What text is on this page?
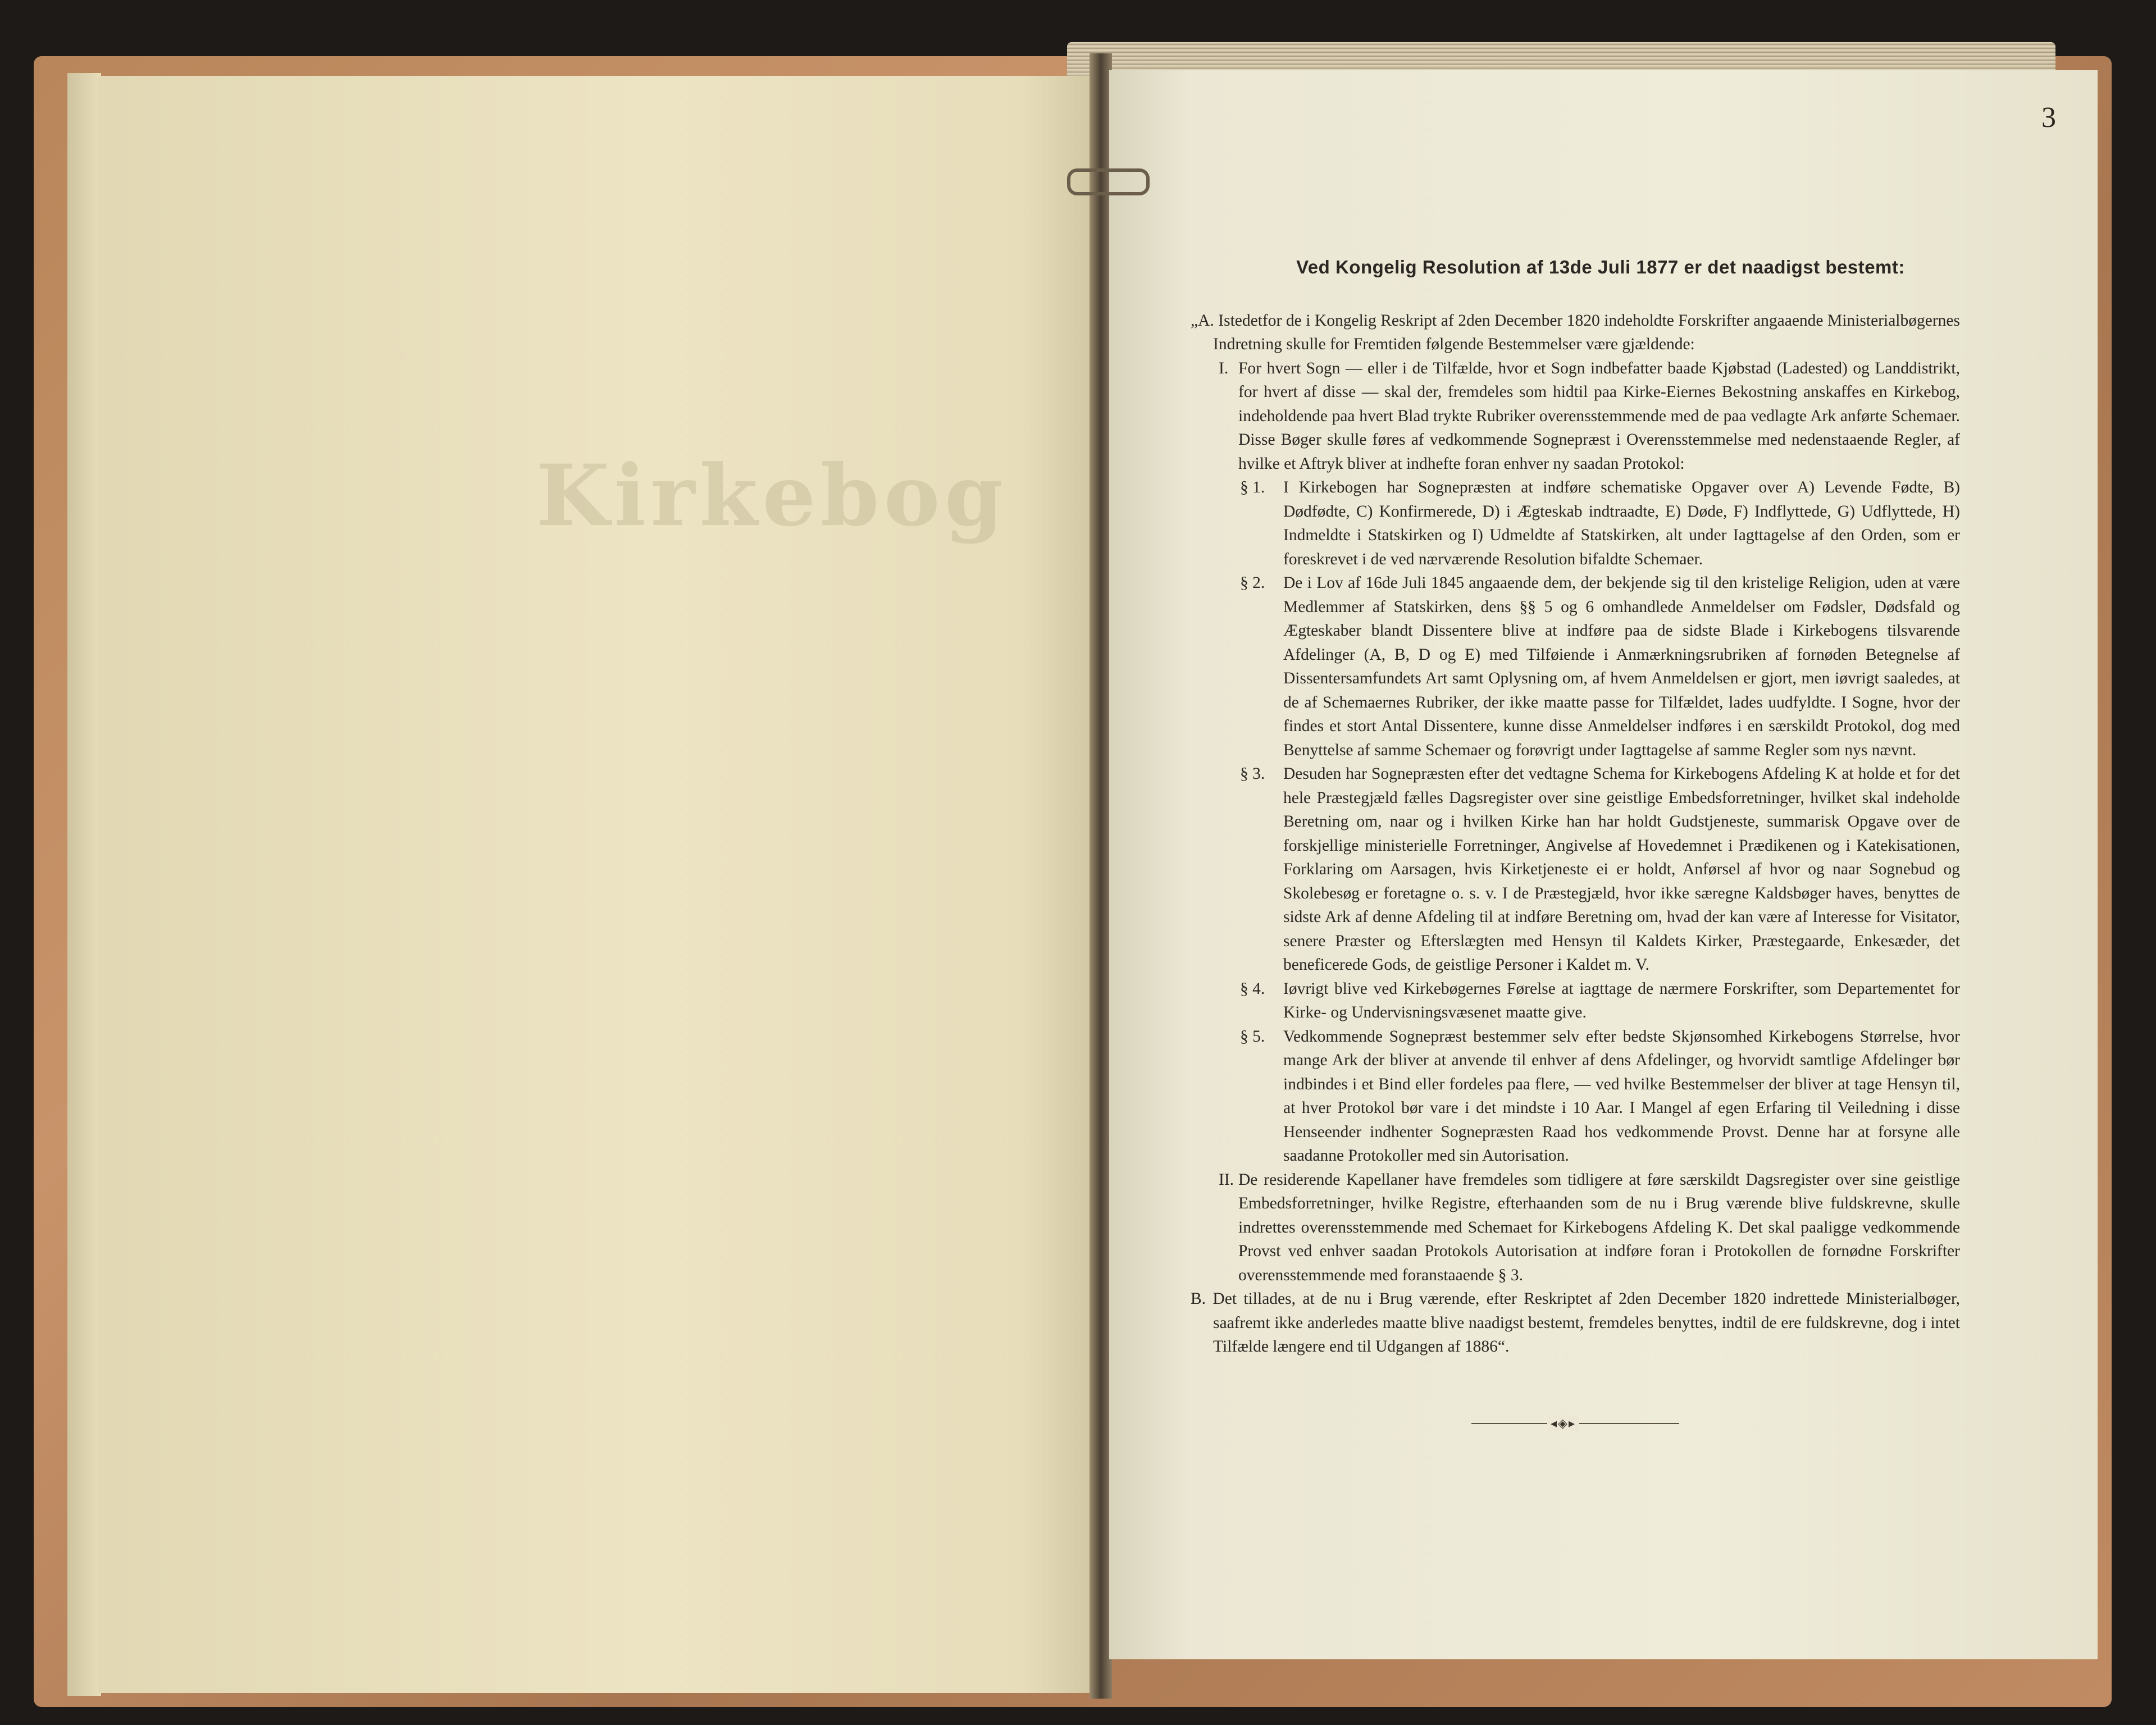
Kirkebog
3

Ved Kongelig Resolution af 13de Juli 1877 er det naadigst bestemt:

„A. Istedetfor de i Kongelig Reskript af 2den December 1820 indeholdte Forskrifter angaaende Ministerialbøgernes Indretning skulle for Fremtiden følgende Bestemmelser være gjældende:

I. For hvert Sogn — eller i de Tilfælde, hvor et Sogn indbefatter baade Kjøbstad (Ladested) og Landdistrikt, for hvert af disse — skal der, fremdeles som hidtil paa Kirke-Eiernes Bekostning anskaffes en Kirkebog, indeholdende paa hvert Blad trykte Rubriker overensstemmende med de paa vedlagte Ark anførte Schemaer. Disse Bøger skulle føres af vedkommende Sognepræst i Overensstemmelse med nedenstaaende Regler, af hvilke et Aftryk bliver at indhefte foran enhver ny saadan Protokol:
§ 1. I Kirkebogen har Sognepræsten at indføre schematiske Opgaver over A) Levende Fødte, B) Dødfødte, C) Konfirmerede, D) i Ægteskab indtraadte, E) Døde, F) Indflyttede, G) Udflyttede, H) Indmeldte i Statskirken og I) Udmeldte af Statskirken, alt under Iagttagelse af den Orden, som er foreskrevet i de ved nærværende Resolution bifaldte Schemaer.
§ 2. De i Lov af 16de Juli 1845 angaaende dem, der bekjende sig til den kristelige Religion, uden at være Medlemmer af Statskirken, dens §§ 5 og 6 omhandlede Anmeldelser om Fødsler, Dødsfald og Ægteskaber blandt Dissentere blive at indføre paa de sidste Blade i Kirkebogens tilsvarende Afdelinger (A, B, D og E) med Tilføiende i Anmærkningsrubriken af fornøden Betegnelse af Dissentersamfundets Art samt Oplysning om, af hvem Anmeldelsen er gjort, men iøvrigt saaledes, at de af Schemaernes Rubriker, der ikke maatte passe for Tilfældet, lades uudfyldte. I Sogne, hvor der findes et stort Antal Dissentere, kunne disse Anmeldelser indføres i en særskildt Protokol, dog med Benyttelse af samme Schemaer og forøvrigt under Iagttagelse af samme Regler som nys nævnt.
§ 3. Desuden har Sognepræsten efter det vedtagne Schema for Kirkebogens Afdeling K at holde et for det hele Præstegjæld fælles Dagsregister over sine geistlige Embedsforretninger, hvilket skal indeholde Beretning om, naar og i hvilken Kirke han har holdt Gudstjeneste, summarisk Opgave over de forskjellige ministerielle Forretninger, Angivelse af Hovedemnet i Prædikenen og i Katekisationen, Forklaring om Aarsagen, hvis Kirketjeneste ei er holdt, Anførsel af hvor og naar Sognebud og Skolebesøg er foretagne o. s. v. I de Præstegjæld, hvor ikke særegne Kaldsbøger haves, benyttes de sidste Ark af denne Afdeling til at indføre Beretning om, hvad der kan være af Interesse for Visitator, senere Præster og Efterslægten med Hensyn til Kaldets Kirker, Præstegaarde, Enkesæder, det beneficerede Gods, de geistlige Personer i Kaldet m. V.
§ 4. Iøvrigt blive ved Kirkebøgernes Førelse at iagttage de nærmere Forskrifter, som Departementet for Kirke- og Undervisningsvæsenet maatte give.
§ 5. Vedkommende Sognepræst bestemmer selv efter bedste Skjønsomhed Kirkebogens Størrelse, hvor mange Ark der bliver at anvende til enhver af dens Afdelinger, og hvorvidt samtlige Afdelinger bør indbindes i et Bind eller fordeles paa flere, — ved hvilke Bestemmelser der bliver at tage Hensyn til, at hver Protokol bør vare i det mindste i 10 Aar. I Mangel af egen Erfaring til Veiledning i disse Henseender indhenter Sognepræsten Raad hos vedkommende Provst. Denne har at forsyne alle saadanne Protokoller med sin Autorisation.
II. De residerende Kapellaner have fremdeles som tidligere at føre særskildt Dagsregister over sine geistlige Embedsforretninger, hvilke Registre, efterhaanden som de nu i Brug værende blive fuldskrevne, skulle indrettes overensstemmende med Schemaet for Kirkebogens Afdeling K. Det skal paaligge vedkommende Provst ved enhver saadan Protokols Autorisation at indføre foran i Protokollen de fornødne Forskrifter overensstemmende med foranstaaende § 3.

B. Det tillades, at de nu i Brug værende, efter Reskriptet af 2den December 1820 indrettede Ministerialbøger, saafremt ikke anderledes maatte blive naadigst bestemt, fremdeles benyttes, indtil de ere fuldskrevne, dog i intet Tilfælde længere end til Udgangen af 1886“.

◂◈▸
